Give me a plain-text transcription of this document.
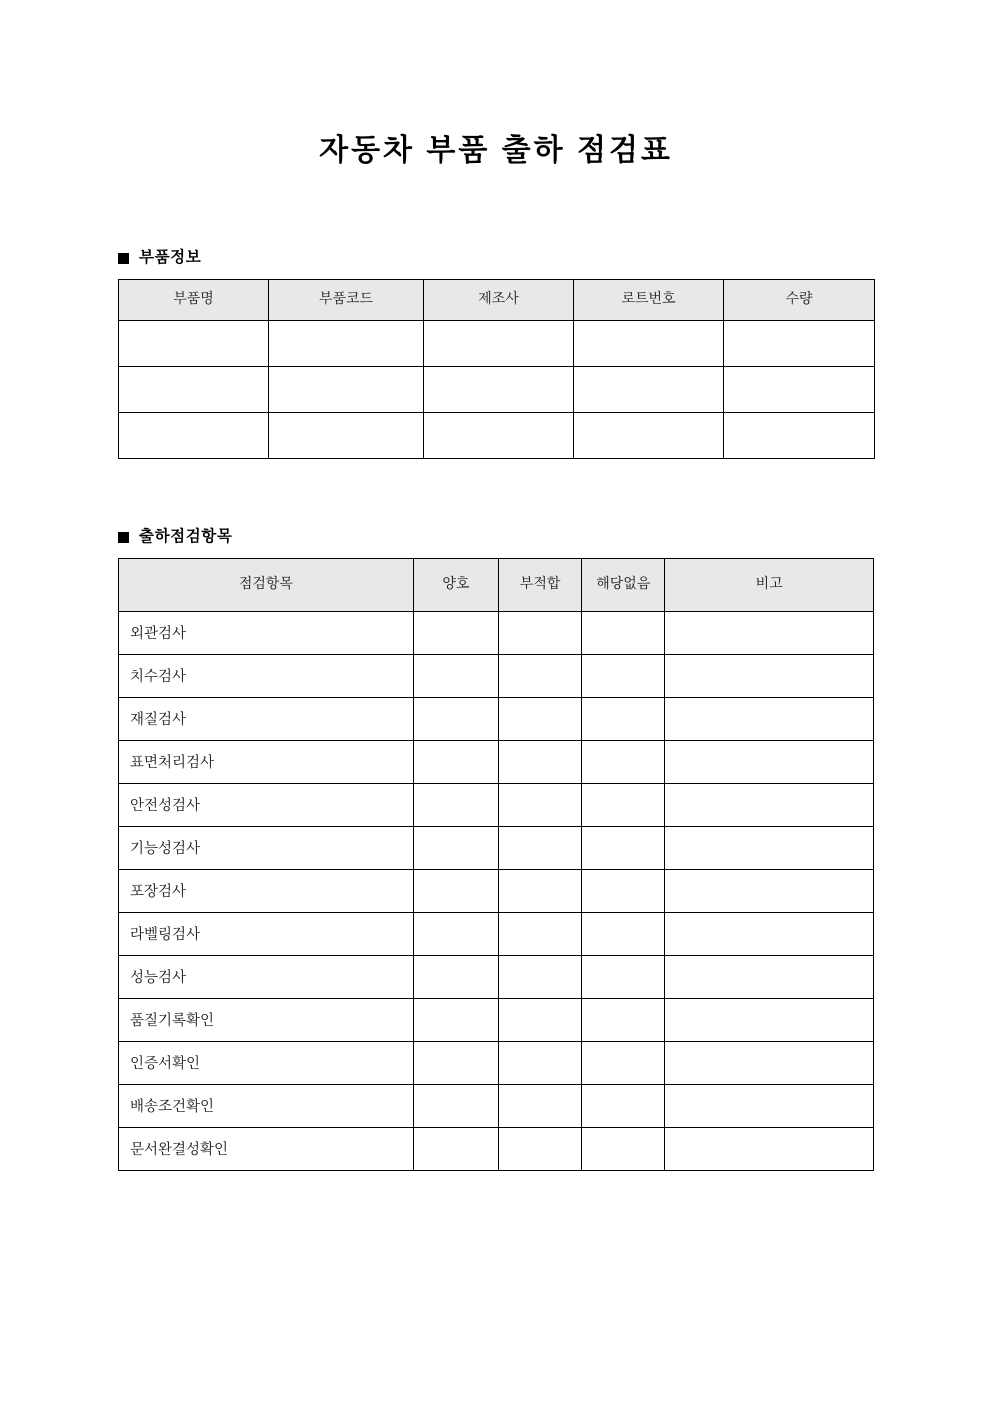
자동차 부품 출하 점검표
부품정보
부품명	부품코드	제조사	로트번호	수량

출하점검항목
점검항목	양호	부적합	해당없음	비고
외관검사				
치수검사				
재질검사				
표면처리검사				
안전성검사				
기능성검사				
포장검사				
라벨링검사				
성능검사				
품질기록확인				
인증서확인				
배송조건확인				
문서완결성확인				
